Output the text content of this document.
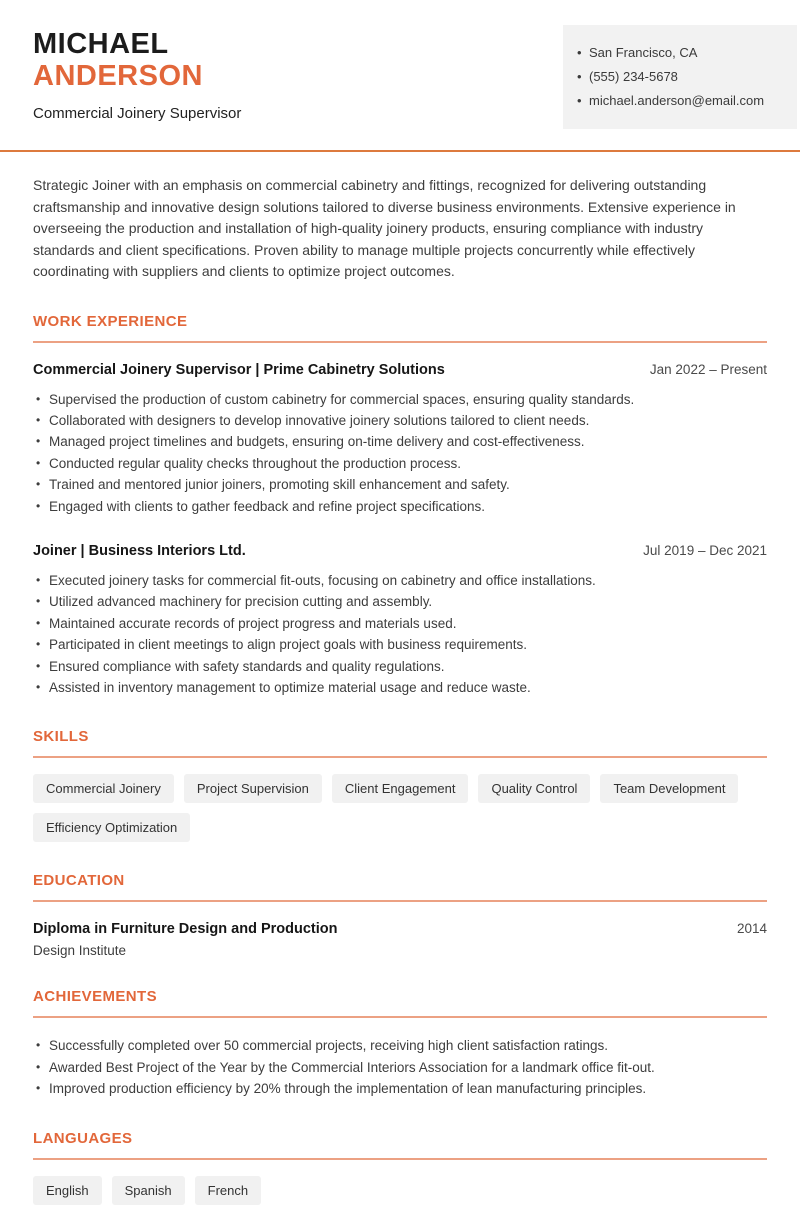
MICHAEL
ANDERSON
Commercial Joinery Supervisor
• San Francisco, CA
• (555) 234-5678
• michael.anderson@email.com

Strategic Joiner with an emphasis on commercial cabinetry and fittings, recognized for delivering outstanding craftsmanship and innovative design solutions tailored to diverse business environments. Extensive experience in overseeing the production and installation of high-quality joinery products, ensuring compliance with industry standards and client specifications. Proven ability to manage multiple projects concurrently while effectively coordinating with suppliers and clients to optimize project outcomes.

WORK EXPERIENCE
Commercial Joinery Supervisor | Prime Cabinetry Solutions	Jan 2022 – Present
• Supervised the production of custom cabinetry for commercial spaces, ensuring quality standards.
• Collaborated with designers to develop innovative joinery solutions tailored to client needs.
• Managed project timelines and budgets, ensuring on-time delivery and cost-effectiveness.
• Conducted regular quality checks throughout the production process.
• Trained and mentored junior joiners, promoting skill enhancement and safety.
• Engaged with clients to gather feedback and refine project specifications.
Joiner | Business Interiors Ltd.	Jul 2019 – Dec 2021
• Executed joinery tasks for commercial fit-outs, focusing on cabinetry and office installations.
• Utilized advanced machinery for precision cutting and assembly.
• Maintained accurate records of project progress and materials used.
• Participated in client meetings to align project goals with business requirements.
• Ensured compliance with safety standards and quality regulations.
• Assisted in inventory management to optimize material usage and reduce waste.
SKILLS
Commercial Joinery	Project Supervision	Client Engagement	Quality Control	Team Development
Efficiency Optimization
EDUCATION
Diploma in Furniture Design and Production	2014
Design Institute
ACHIEVEMENTS
• Successfully completed over 50 commercial projects, receiving high client satisfaction ratings.
• Awarded Best Project of the Year by the Commercial Interiors Association for a landmark office fit-out.
• Improved production efficiency by 20% through the implementation of lean manufacturing principles.
LANGUAGES
English	Spanish	French
